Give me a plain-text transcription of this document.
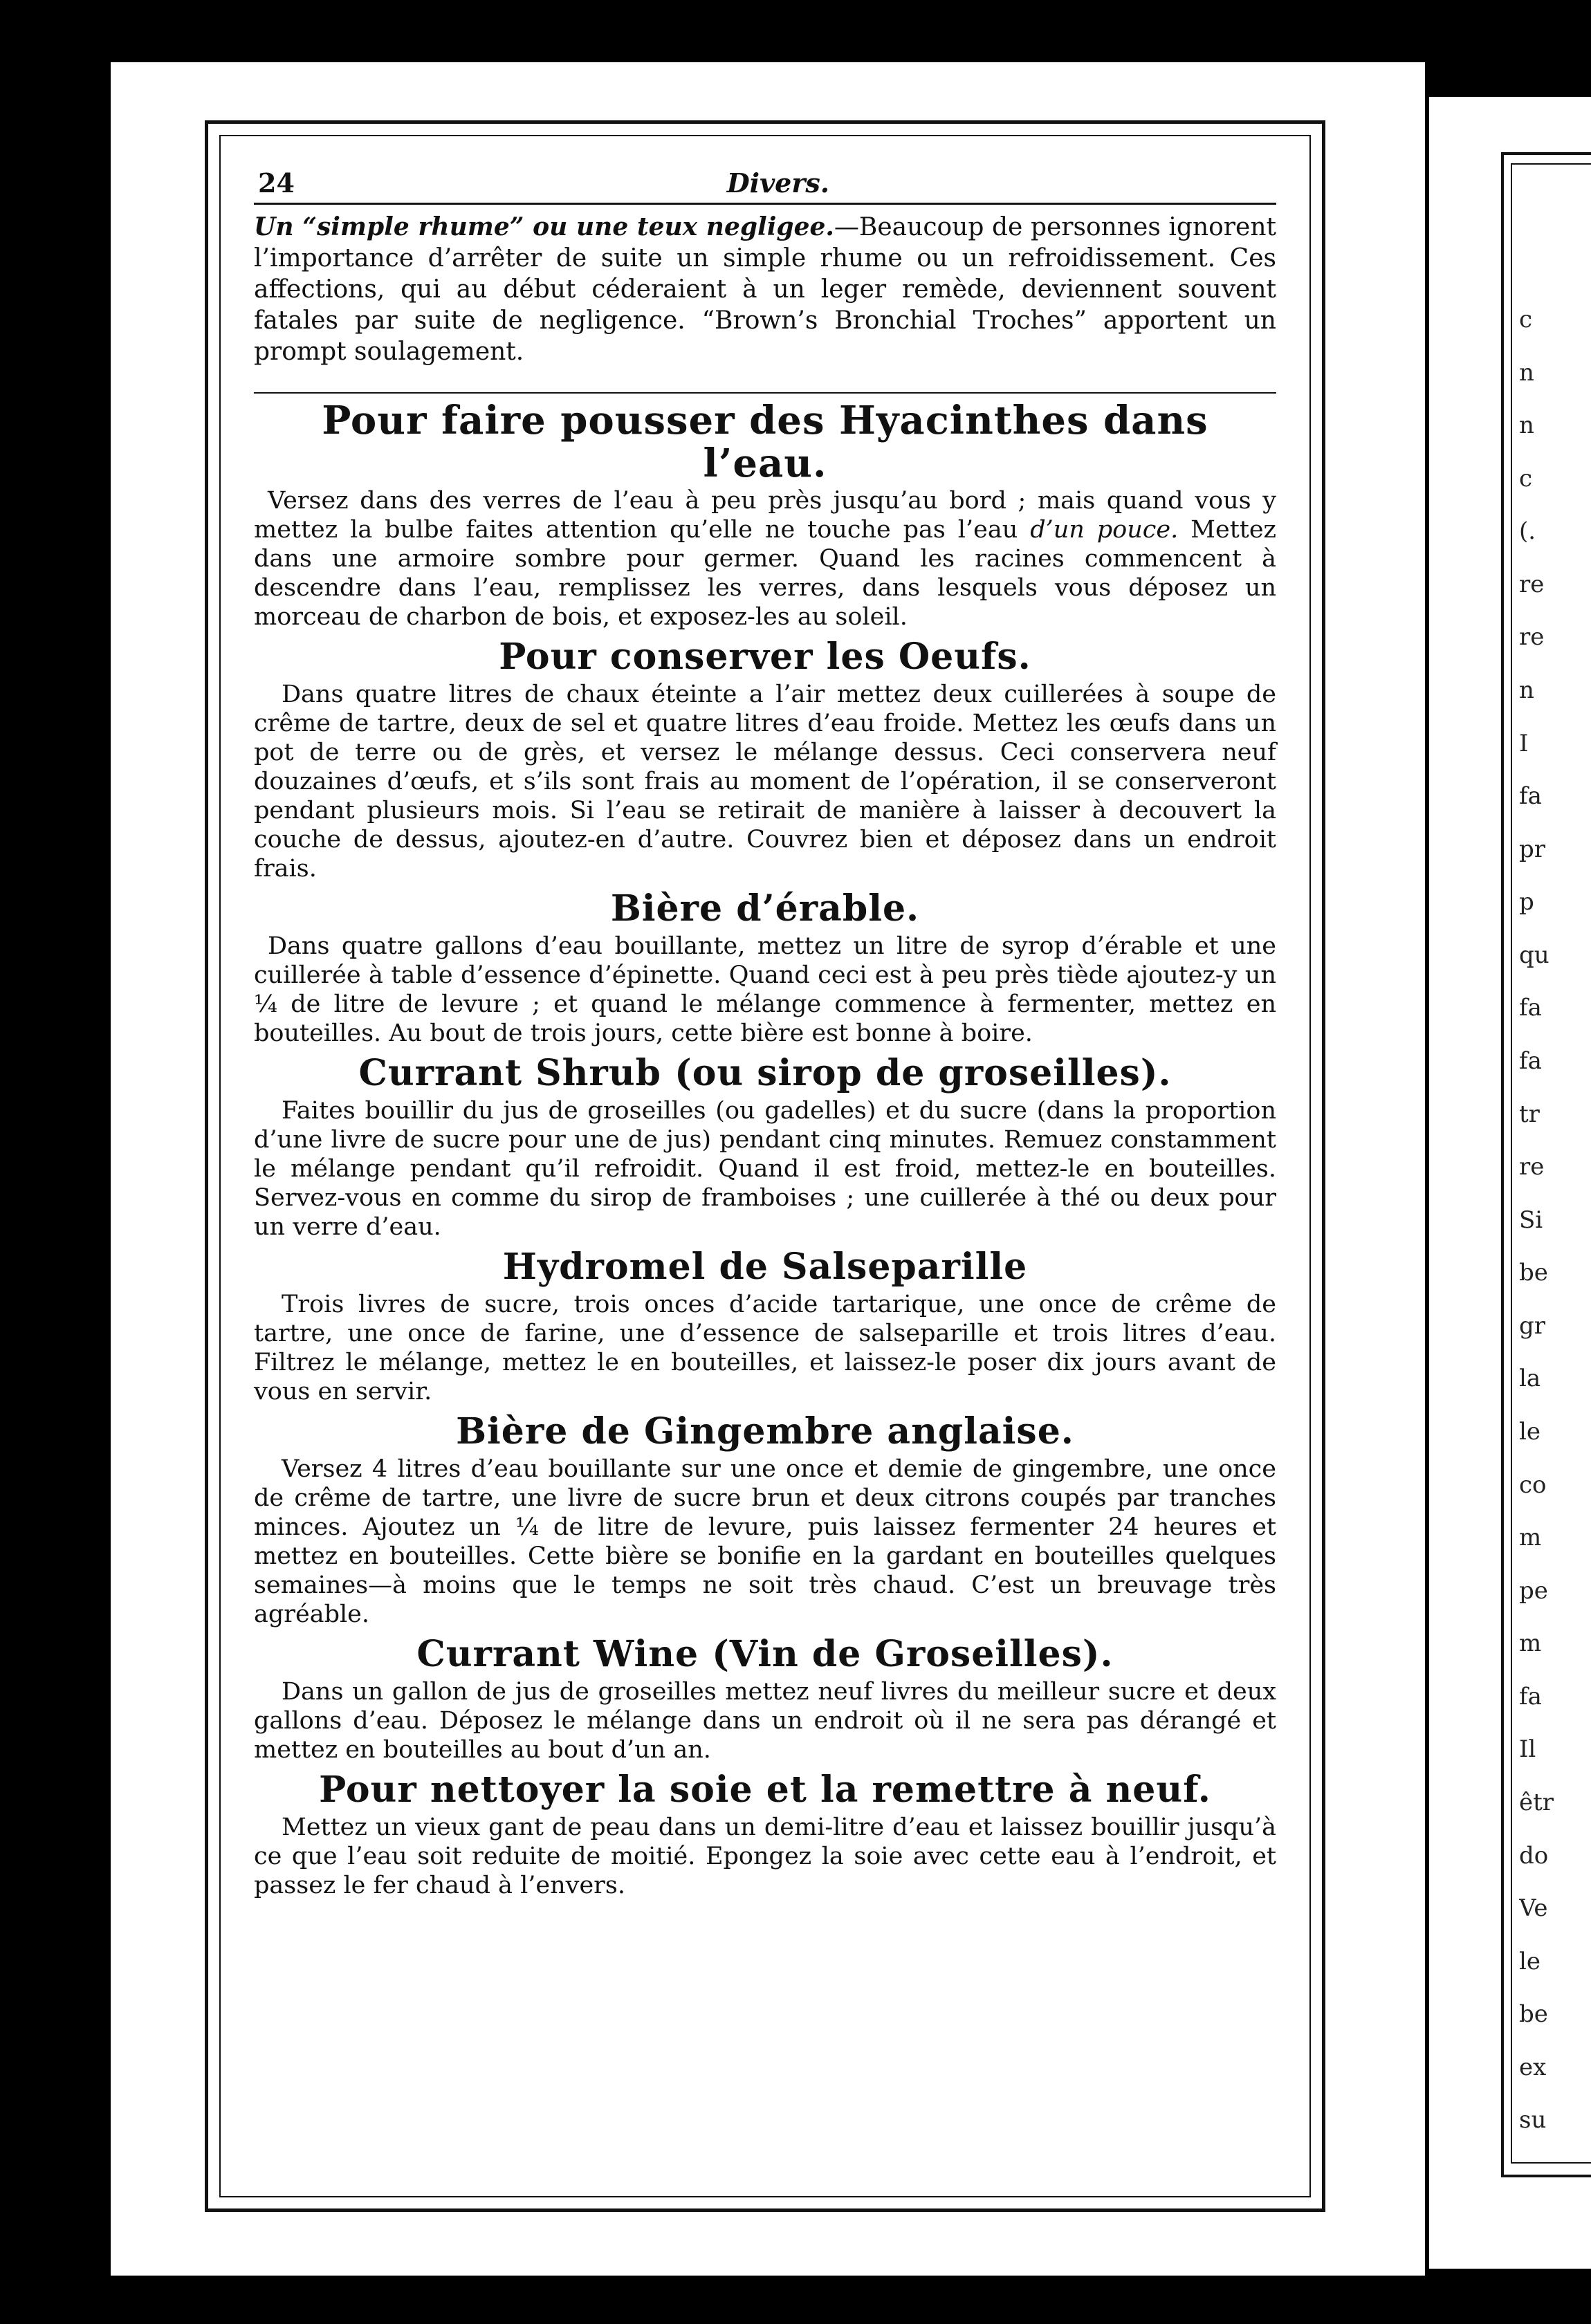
24	Divers.

Un “simple rhume” ou une teux negligee.—Beaucoup de personnes ignorent l’importance d’arrêter de suite un simple rhume ou un refroidissement. Ces affections, qui au début céderaient à un leger remède, deviennent souvent fatales par suite de negligence. “Brown’s Bronchial Troches” apportent un prompt soulagement.

Pour faire pousser des Hyacinthes dans l’eau.

Versez dans des verres de l’eau à peu près jusqu’au bord ; mais quand vous y mettez la bulbe faites attention qu’elle ne touche pas l’eau d’un pouce. Mettez dans une armoire sombre pour germer. Quand les racines commencent à descendre dans l’eau, remplissez les verres, dans lesquels vous déposez un morceau de charbon de bois, et exposez-les au soleil.

Pour conserver les Oeufs.

Dans quatre litres de chaux éteinte a l’air mettez deux cuillerées à soupe de crême de tartre, deux de sel et quatre litres d’eau froide. Mettez les œufs dans un pot de terre ou de grès, et versez le mélange dessus. Ceci conservera neuf douzaines d’œufs, et s’ils sont frais au moment de l’opération, il se conserveront pendant plusieurs mois. Si l’eau se retirait de manière à laisser à decouvert la couche de dessus, ajoutez-en d’autre. Couvrez bien et déposez dans un endroit frais.

Bière d’érable.

Dans quatre gallons d’eau bouillante, mettez un litre de syrop d’érable et une cuillerée à table d’essence d’épinette. Quand ceci est à peu près tiède ajoutez-y un ¼ de litre de levure ; et quand le mélange commence à fermenter, mettez en bouteilles. Au bout de trois jours, cette bière est bonne à boire.

Currant Shrub (ou sirop de groseilles).

Faites bouillir du jus de groseilles (ou gadelles) et du sucre (dans la proportion d’une livre de sucre pour une de jus) pendant cinq minutes. Remuez constamment le mélange pendant qu’il refroidit. Quand il est froid, mettez-le en bouteilles. Servez-vous en comme du sirop de framboises ; une cuillerée à thé ou deux pour un verre d’eau.

Hydromel de Salseparille

Trois livres de sucre, trois onces d’acide tartarique, une once de crême de tartre, une once de farine, une d’essence de salseparille et trois litres d’eau. Filtrez le mélange, mettez le en bouteilles, et laissez-le poser dix jours avant de vous en servir.

Bière de Gingembre anglaise.

Versez 4 litres d’eau bouillante sur une once et demie de gingembre, une once de crême de tartre, une livre de sucre brun et deux citrons coupés par tranches minces. Ajoutez un ¼ de litre de levure, puis laissez fermenter 24 heures et mettez en bouteilles. Cette bière se bonifie en la gardant en bouteilles quelques semaines—à moins que le temps ne soit très chaud. C’est un breuvage très agréable.

Currant Wine (Vin de Groseilles).

Dans un gallon de jus de groseilles mettez neuf livres du meilleur sucre et deux gallons d’eau. Déposez le mélange dans un endroit où il ne sera pas dérangé et mettez en bouteilles au bout d’un an.

Pour nettoyer la soie et la remettre à neuf.

Mettez un vieux gant de peau dans un demi-litre d’eau et laissez bouillir jusqu’à ce que l’eau soit reduite de moitié. Epongez la soie avec cette eau à l’endroit, et passez le fer chaud à l’envers.

c
n
n
c
(.
re
re
n
I
fa
pr
p
qu
fa
fa
tr
re
Si
be
gr
la
le
co
m
pe
m
fa
Il
êtr
do
Ve
le
be
ex
su
